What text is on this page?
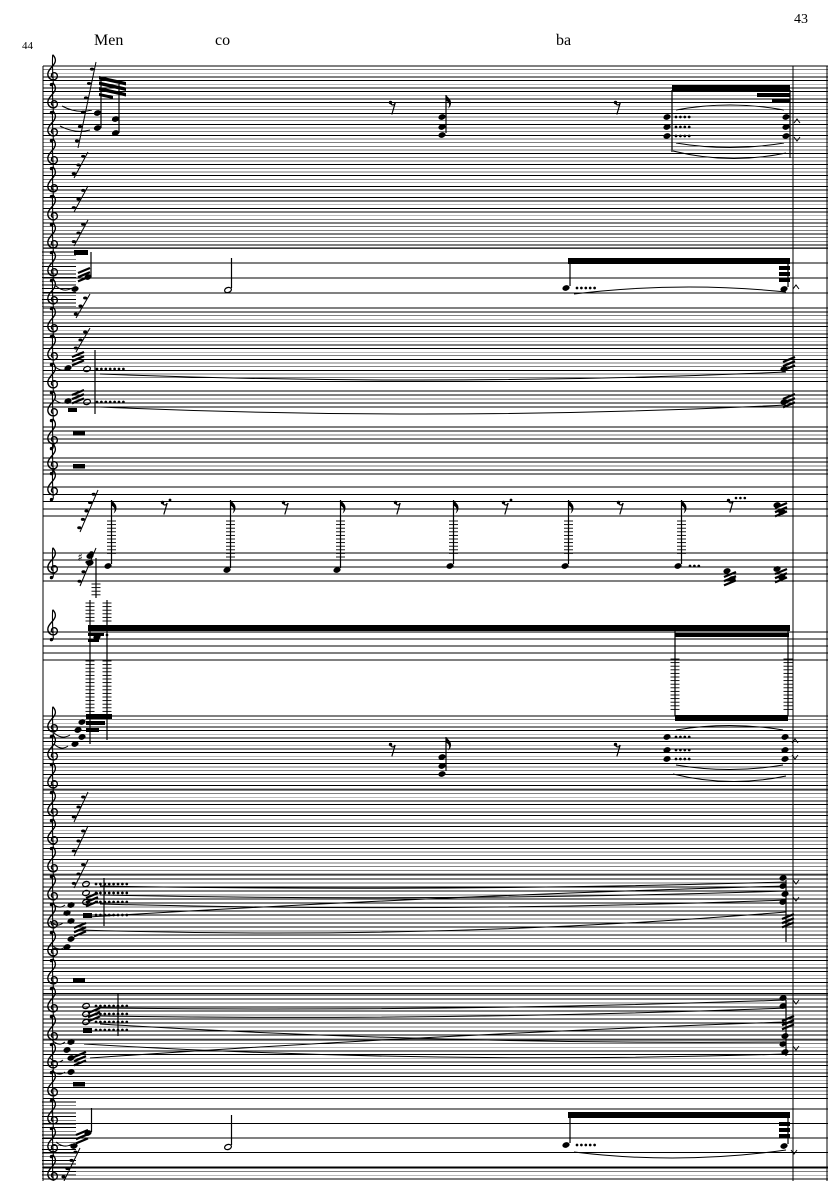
♯
43
44	Men	co	ba
